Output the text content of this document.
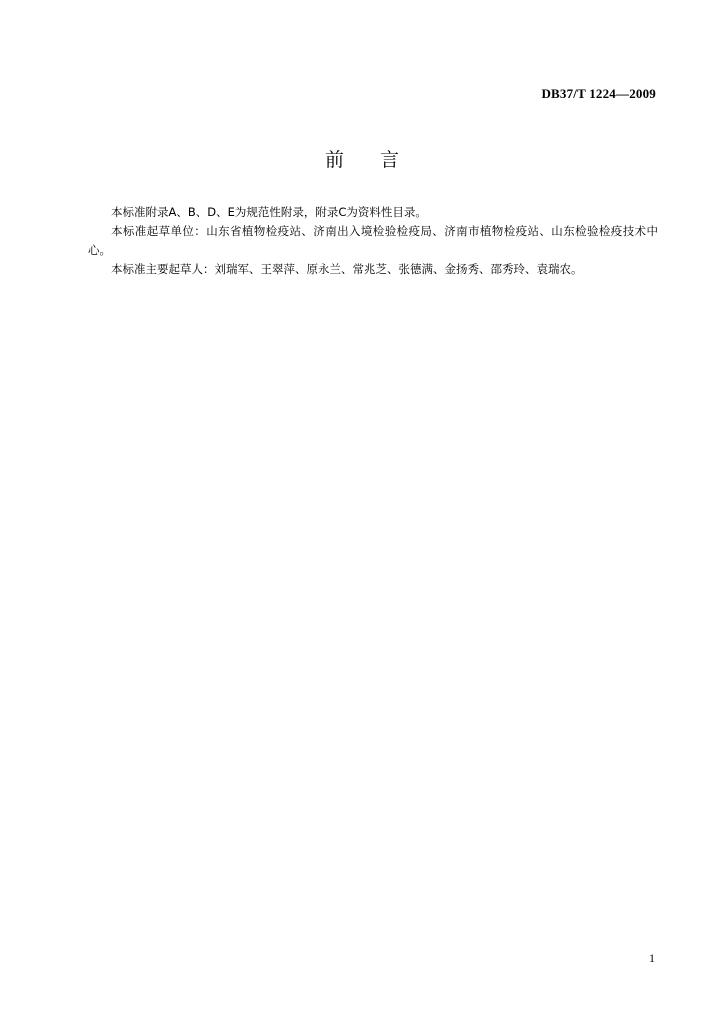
DB37/T 1224—2009
前言

本标准附录A、B、D、E为规范性附录，附录C为资料性目录。

本标准起草单位：山东省植物检疫站、济南出入境检验检疫局、济南市植物检疫站、山东检验检疫技术中心。

本标准主要起草人：刘瑞军、王翠萍、原永兰、常兆芝、张德满、金扬秀、邵秀玲、袁瑞农。

1
